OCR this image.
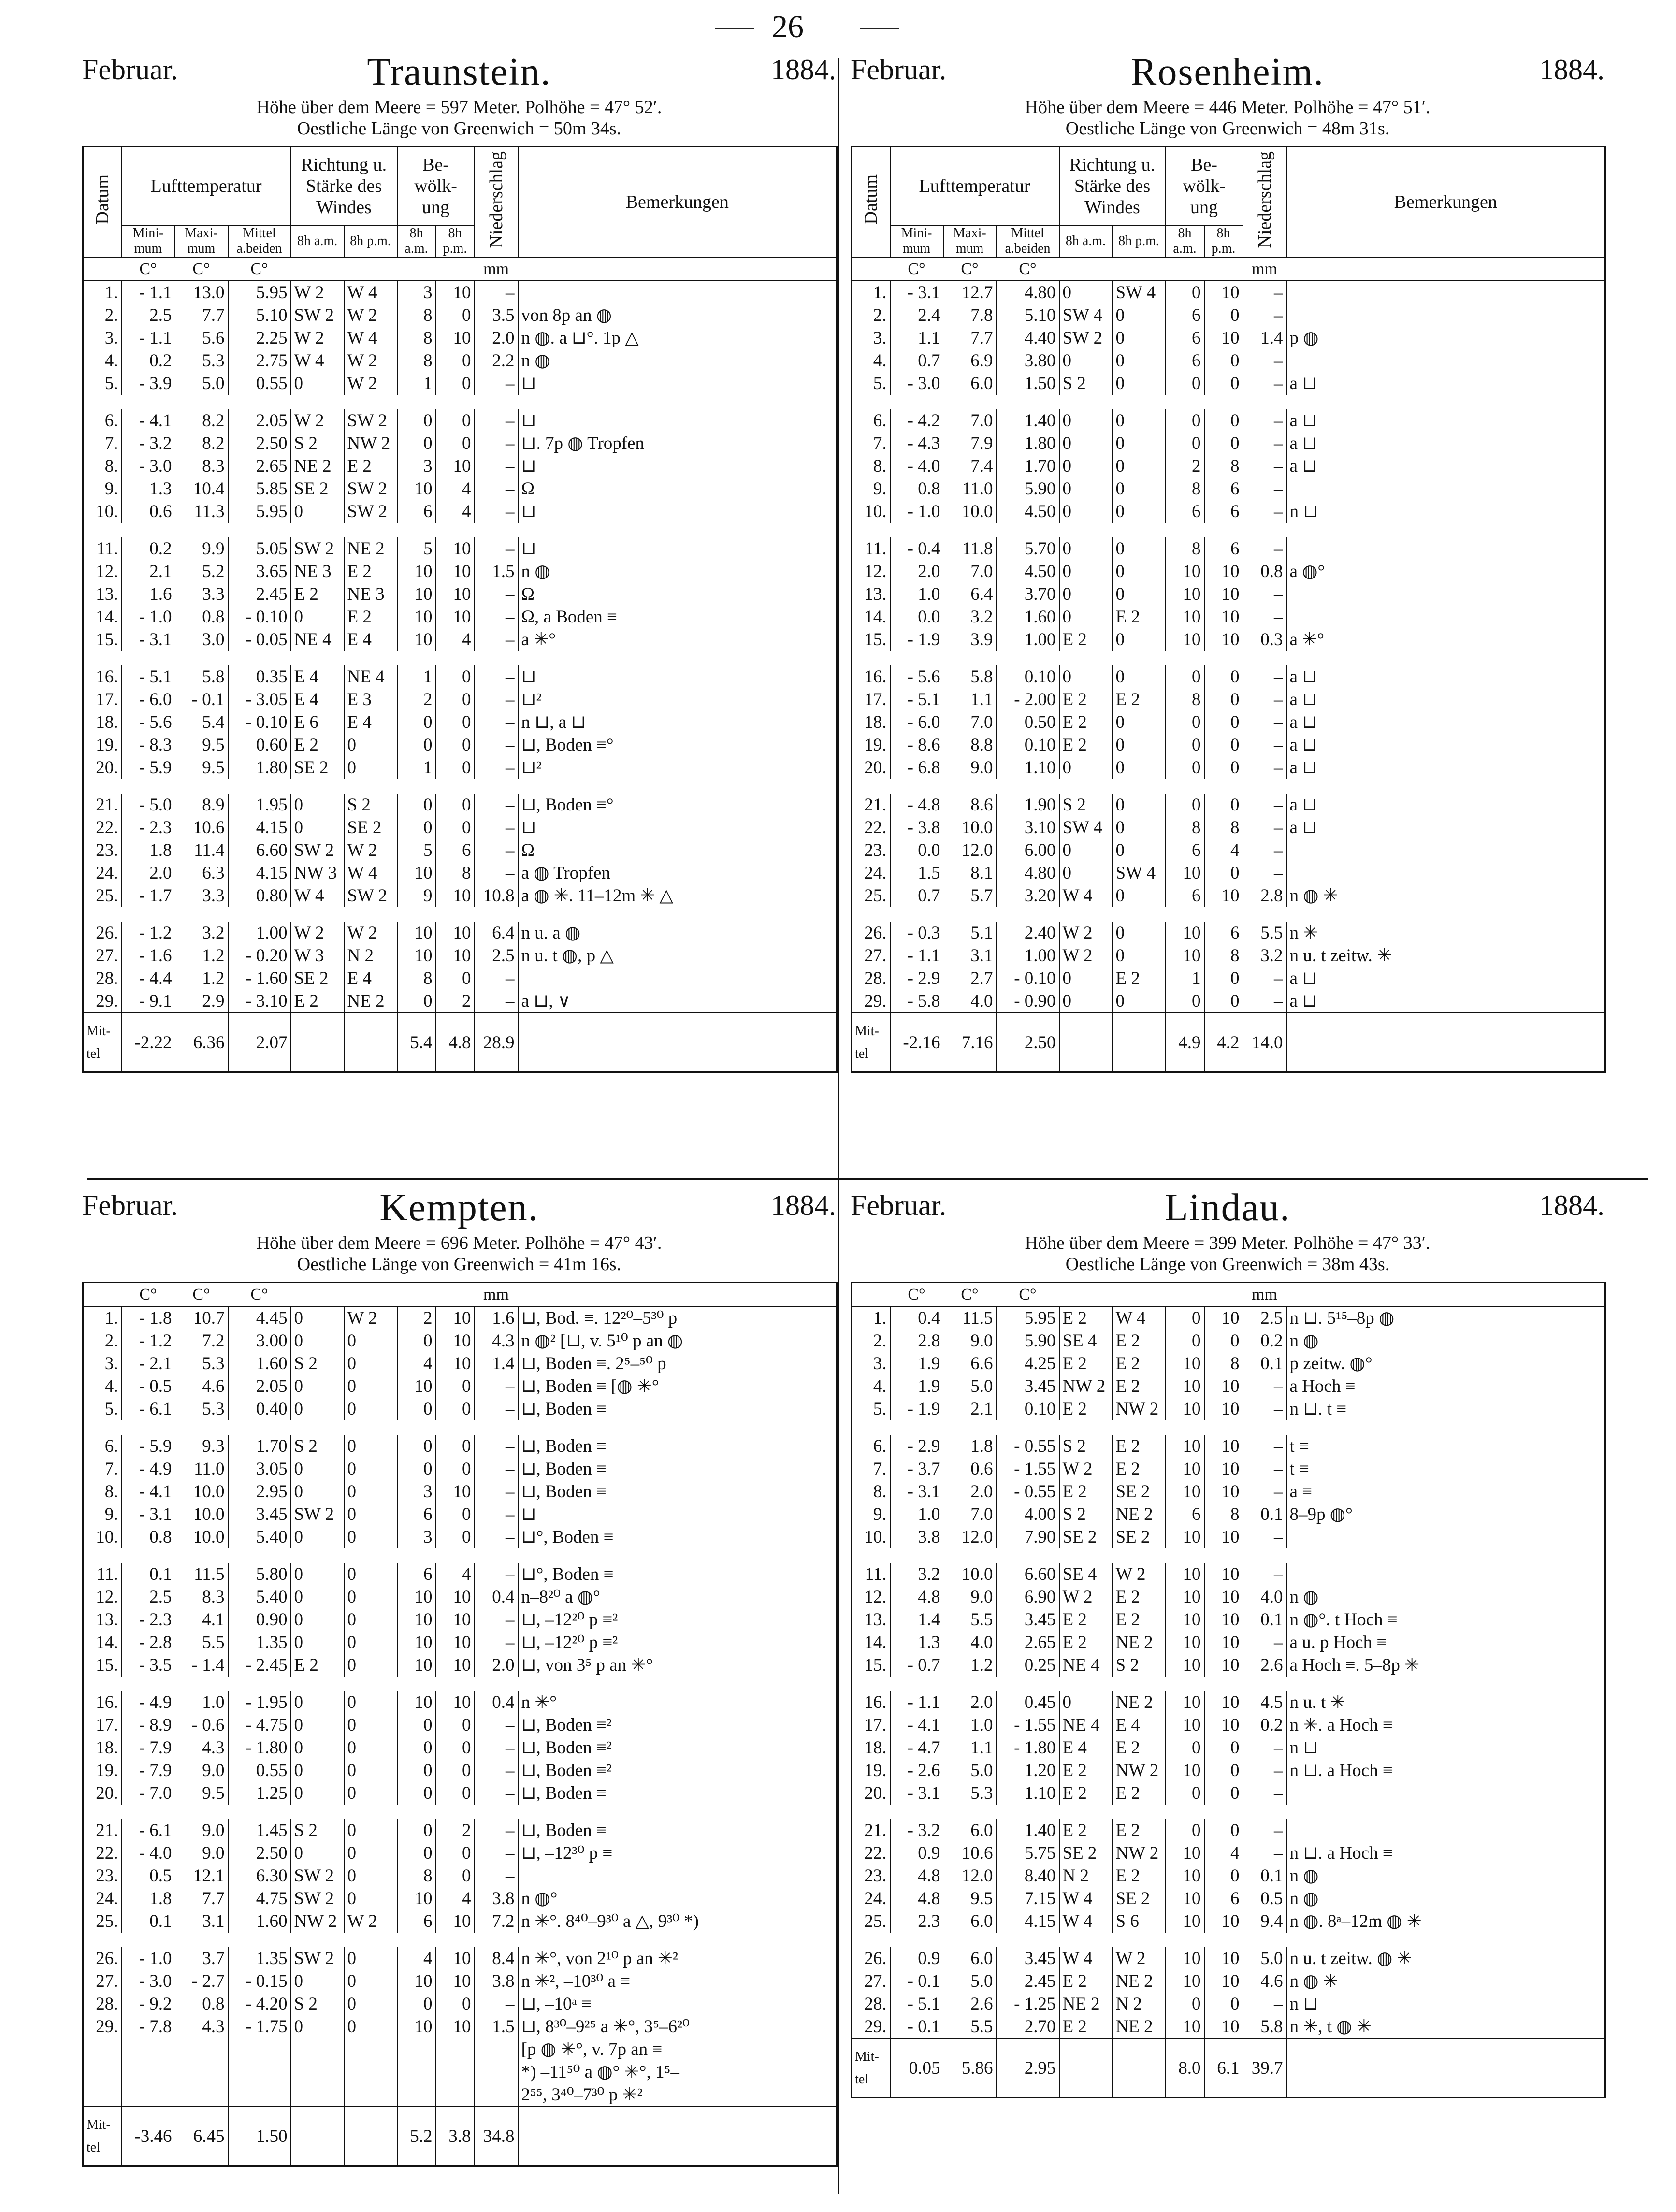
26
Traunstein.
Februar.	1884.
Höhe über dem Meere = 597 Meter. Polhöhe = 47° 52′.
Oestliche Länge von Greenwich = 50m 34s.
Datum	Lufttemperatur			Richtung u. Stärke des Windes		Be- wölk- ung		Niederschlag	Bemerkungen
	Mini- mum	Maxi- mum	Mittel a.beiden	8h a.m.	8h p.m.	8h a.m.	8h p.m.		
	C°	C°	C°					mm	
1.	- 1.1	13.0	5.95	W 2	W 4	3	10	–	
2.	2.5	7.7	5.10	SW 2	W 2	8	0	3.5	von 8p an ◍
3.	- 1.1	5.6	2.25	W 2	W 4	8	10	2.0	n ◍. a ⊔°. 1p △
4.	0.2	5.3	2.75	W 4	W 2	8	0	2.2	n ◍
5.	- 3.9	5.0	0.55	0	W 2	1	0	–	⊔

6.	- 4.1	8.2	2.05	W 2	SW 2	0	0	–	⊔
7.	- 3.2	8.2	2.50	S 2	NW 2	0	0	–	⊔. 7p ◍ Tropfen
8.	- 3.0	8.3	2.65	NE 2	E 2	3	10	–	⊔
9.	1.3	10.4	5.85	SE 2	SW 2	10	4	–	Ω
10.	0.6	11.3	5.95	0	SW 2	6	4	–	⊔

11.	0.2	9.9	5.05	SW 2	NE 2	5	10	–	⊔
12.	2.1	5.2	3.65	NE 3	E 2	10	10	1.5	n ◍
13.	1.6	3.3	2.45	E 2	NE 3	10	10	–	Ω
14.	- 1.0	0.8	- 0.10	0	E 2	10	10	–	Ω, a Boden ≡
15.	- 3.1	3.0	- 0.05	NE 4	E 4	10	4	–	a ✳°

16.	- 5.1	5.8	0.35	E 4	NE 4	1	0	–	⊔
17.	- 6.0	- 0.1	- 3.05	E 4	E 3	2	0	–	⊔²
18.	- 5.6	5.4	- 0.10	E 6	E 4	0	0	–	n ⊔, a ⊔
19.	- 8.3	9.5	0.60	E 2	0	0	0	–	⊔, Boden ≡°
20.	- 5.9	9.5	1.80	SE 2	0	1	0	–	⊔²

21.	- 5.0	8.9	1.95	0	S 2	0	0	–	⊔, Boden ≡°
22.	- 2.3	10.6	4.15	0	SE 2	0	0	–	⊔
23.	1.8	11.4	6.60	SW 2	W 2	5	6	–	Ω
24.	2.0	6.3	4.15	NW 3	W 4	10	8	–	a ◍ Tropfen
25.	- 1.7	3.3	0.80	W 4	SW 2	9	10	10.8	a ◍ ✳. 11–12m ✳ △

26.	- 1.2	3.2	1.00	W 2	W 2	10	10	6.4	n u. a ◍
27.	- 1.6	1.2	- 0.20	W 3	N 2	10	10	2.5	n u. t ◍, p △
28.	- 4.4	1.2	- 1.60	SE 2	E 4	8	0	–	
29.	- 9.1	2.9	- 3.10	E 2	NE 2	0	2	–	a ⊔, ∨
Mit- tel	-2.22	6.36	2.07			5.4	4.8	28.9	
Rosenheim.
Februar.	1884.
Höhe über dem Meere = 446 Meter. Polhöhe = 47° 51′.
Oestliche Länge von Greenwich = 48m 31s.
Datum	Lufttemperatur			Richtung u. Stärke des Windes		Be- wölk- ung		Niederschlag	Bemerkungen
	Mini- mum	Maxi- mum	Mittel a.beiden	8h a.m.	8h p.m.	8h a.m.	8h p.m.		
	C°	C°	C°					mm	
1.	- 3.1	12.7	4.80	0	SW 4	0	10	–	
2.	2.4	7.8	5.10	SW 4	0	6	0	–	
3.	1.1	7.7	4.40	SW 2	0	6	10	1.4	p ◍
4.	0.7	6.9	3.80	0	0	6	0	–	
5.	- 3.0	6.0	1.50	S 2	0	0	0	–	a ⊔

6.	- 4.2	7.0	1.40	0	0	0	0	–	a ⊔
7.	- 4.3	7.9	1.80	0	0	0	0	–	a ⊔
8.	- 4.0	7.4	1.70	0	0	2	8	–	a ⊔
9.	0.8	11.0	5.90	0	0	8	6	–	
10.	- 1.0	10.0	4.50	0	0	6	6	–	n ⊔

11.	- 0.4	11.8	5.70	0	0	8	6	–	
12.	2.0	7.0	4.50	0	0	10	10	0.8	a ◍°
13.	1.0	6.4	3.70	0	0	10	10	–	
14.	0.0	3.2	1.60	0	E 2	10	10	–	
15.	- 1.9	3.9	1.00	E 2	0	10	10	0.3	a ✳°

16.	- 5.6	5.8	0.10	0	0	0	0	–	a ⊔
17.	- 5.1	1.1	- 2.00	E 2	E 2	8	0	–	a ⊔
18.	- 6.0	7.0	0.50	E 2	0	0	0	–	a ⊔
19.	- 8.6	8.8	0.10	E 2	0	0	0	–	a ⊔
20.	- 6.8	9.0	1.10	0	0	0	0	–	a ⊔

21.	- 4.8	8.6	1.90	S 2	0	0	0	–	a ⊔
22.	- 3.8	10.0	3.10	SW 4	0	8	8	–	a ⊔
23.	0.0	12.0	6.00	0	0	6	4	–	
24.	1.5	8.1	4.80	0	SW 4	10	0	–	
25.	0.7	5.7	3.20	W 4	0	6	10	2.8	n ◍ ✳

26.	- 0.3	5.1	2.40	W 2	0	10	6	5.5	n ✳
27.	- 1.1	3.1	1.00	W 2	0	10	8	3.2	n u. t zeitw. ✳
28.	- 2.9	2.7	- 0.10	0	E 2	1	0	–	a ⊔
29.	- 5.8	4.0	- 0.90	0	0	0	0	–	a ⊔
Mit- tel	-2.16	7.16	2.50			4.9	4.2	14.0	
Kempten.
Februar.	1884.
Höhe über dem Meere = 696 Meter. Polhöhe = 47° 43′.
Oestliche Länge von Greenwich = 41m 16s.
	C°	C°	C°					mm	
1.	- 1.8	10.7	4.45	0	W 2	2	10	1.6	⊔, Bod. ≡. 12²⁰–5³⁰ p
2.	- 1.2	7.2	3.00	0	0	0	10	4.3	n ◍² [⊔, v. 5¹⁰ p an ◍
3.	- 2.1	5.3	1.60	S 2	0	4	10	1.4	⊔, Boden ≡. 2⁵–⁵⁰ p
4.	- 0.5	4.6	2.05	0	0	10	0	–	⊔, Boden ≡ [◍ ✳°
5.	- 6.1	5.3	0.40	0	0	0	0	–	⊔, Boden ≡

6.	- 5.9	9.3	1.70	S 2	0	0	0	–	⊔, Boden ≡
7.	- 4.9	11.0	3.05	0	0	0	0	–	⊔, Boden ≡
8.	- 4.1	10.0	2.95	0	0	3	10	–	⊔, Boden ≡
9.	- 3.1	10.0	3.45	SW 2	0	6	0	–	⊔
10.	0.8	10.0	5.40	0	0	3	0	–	⊔°, Boden ≡

11.	0.1	11.5	5.80	0	0	6	4	–	⊔°, Boden ≡
12.	2.5	8.3	5.40	0	0	10	10	0.4	n–8²⁰ a ◍°
13.	- 2.3	4.1	0.90	0	0	10	10	–	⊔, –12²⁰ p ≡²
14.	- 2.8	5.5	1.35	0	0	10	10	–	⊔, –12²⁰ p ≡²
15.	- 3.5	- 1.4	- 2.45	E 2	0	10	10	2.0	⊔, von 3⁵ p an ✳°

16.	- 4.9	1.0	- 1.95	0	0	10	10	0.4	n ✳°
17.	- 8.9	- 0.6	- 4.75	0	0	0	0	–	⊔, Boden ≡²
18.	- 7.9	4.3	- 1.80	0	0	0	0	–	⊔, Boden ≡²
19.	- 7.9	9.0	0.55	0	0	0	0	–	⊔, Boden ≡²
20.	- 7.0	9.5	1.25	0	0	0	0	–	⊔, Boden ≡

21.	- 6.1	9.0	1.45	S 2	0	0	2	–	⊔, Boden ≡
22.	- 4.0	9.0	2.50	0	0	0	0	–	⊔, –12³⁰ p ≡
23.	0.5	12.1	6.30	SW 2	0	8	0	–	
24.	1.8	7.7	4.75	SW 2	0	10	4	3.8	n ◍°
25.	0.1	3.1	1.60	NW 2	W 2	6	10	7.2	n ✳°. 8⁴⁰–9³⁰ a △, 9³⁰ *)

26.	- 1.0	3.7	1.35	SW 2	0	4	10	8.4	n ✳°, von 2¹⁰ p an ✳²
27.	- 3.0	- 2.7	- 0.15	0	0	10	10	3.8	n ✳², –10³⁰ a ≡
28.	- 9.2	0.8	- 4.20	S 2	0	0	0	–	⊔, –10ᵃ ≡
29.	- 7.8	4.3	- 1.75	0	0	10	10	1.5	⊔, 8³⁰–9²⁵ a ✳°, 3⁵–6²⁰
									[p ◍ ✳°, v. 7p an ≡
									*) –11⁵⁰ a ◍° ✳°, 1⁵–
									2⁵⁵, 3⁴⁰–7³⁰ p ✳²
Mit- tel	-3.46	6.45	1.50			5.2	3.8	34.8	
Lindau.
Februar.	1884.
Höhe über dem Meere = 399 Meter. Polhöhe = 47° 33′.
Oestliche Länge von Greenwich = 38m 43s.
	C°	C°	C°					mm	
1.	0.4	11.5	5.95	E 2	W 4	0	10	2.5	n ⊔. 5¹⁵–8p ◍
2.	2.8	9.0	5.90	SE 4	E 2	0	0	0.2	n ◍
3.	1.9	6.6	4.25	E 2	E 2	10	8	0.1	p zeitw. ◍°
4.	1.9	5.0	3.45	NW 2	E 2	10	10	–	a Hoch ≡
5.	- 1.9	2.1	0.10	E 2	NW 2	10	10	–	n ⊔. t ≡

6.	- 2.9	1.8	- 0.55	S 2	E 2	10	10	–	t ≡
7.	- 3.7	0.6	- 1.55	W 2	E 2	10	10	–	t ≡
8.	- 3.1	2.0	- 0.55	E 2	SE 2	10	10	–	a ≡
9.	1.0	7.0	4.00	S 2	NE 2	6	8	0.1	8–9p ◍°
10.	3.8	12.0	7.90	SE 2	SE 2	10	10	–	

11.	3.2	10.0	6.60	SE 4	W 2	10	10	–	
12.	4.8	9.0	6.90	W 2	E 2	10	10	4.0	n ◍
13.	1.4	5.5	3.45	E 2	E 2	10	10	0.1	n ◍°. t Hoch ≡
14.	1.3	4.0	2.65	E 2	NE 2	10	10	–	a u. p Hoch ≡
15.	- 0.7	1.2	0.25	NE 4	S 2	10	10	2.6	a Hoch ≡. 5–8p ✳

16.	- 1.1	2.0	0.45	0	NE 2	10	10	4.5	n u. t ✳
17.	- 4.1	1.0	- 1.55	NE 4	E 4	10	10	0.2	n ✳. a Hoch ≡
18.	- 4.7	1.1	- 1.80	E 4	E 2	0	0	–	n ⊔
19.	- 2.6	5.0	1.20	E 2	NW 2	10	0	–	n ⊔. a Hoch ≡
20.	- 3.1	5.3	1.10	E 2	E 2	0	0	–	

21.	- 3.2	6.0	1.40	E 2	E 2	0	0	–	
22.	0.9	10.6	5.75	SE 2	NW 2	10	4	–	n ⊔. a Hoch ≡
23.	4.8	12.0	8.40	N 2	E 2	10	0	0.1	n ◍
24.	4.8	9.5	7.15	W 4	SE 2	10	6	0.5	n ◍
25.	2.3	6.0	4.15	W 4	S 6	10	10	9.4	n ◍. 8ᵃ–12m ◍ ✳

26.	0.9	6.0	3.45	W 4	W 2	10	10	5.0	n u. t zeitw. ◍ ✳
27.	- 0.1	5.0	2.45	E 2	NE 2	10	10	4.6	n ◍ ✳
28.	- 5.1	2.6	- 1.25	NE 2	N 2	0	0	–	n ⊔
29.	- 0.1	5.5	2.70	E 2	NE 2	10	10	5.8	n ✳, t ◍ ✳
Mit- tel	0.05	5.86	2.95			8.0	6.1	39.7	
